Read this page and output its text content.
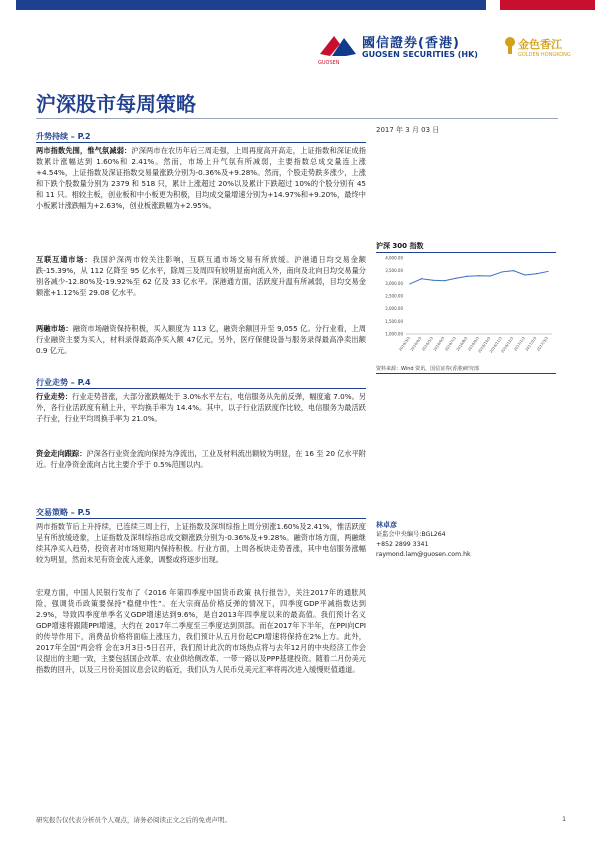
國信證券(香港)
GUOSEN SECURITIES (HK)
GUOSEN
金色香江
GOLDEN HONGKONG
沪深股市每周策略
2017 年 3 月 03 日
升势持续 – P.2

两市指数先围，惟气氛减弱：沪深两市在农历年后三周走强，上周再度高开高走，上证指数和深证成指数累计涨幅达到 1.60%和 2.41%。然而，市场上升气氛有所减弱，主要指数总成交量连上涨+4.54%，上证指数及深证指数交易量涨跌分别为-0.36%及+9.28%。然而，个股走势跌多涨少，上涨和下跌个股数量分别为 2379 和 518 只，累计上涨超过 20%以及累计下跌超过 10%的个股分别有 45 和 11 只。相较主板，创业板和中小板更为积极，目均成交量增速分别为+14.97%和+9.20%，最终中小板累计涨跌幅为+2.63%，创业板涨跌幅为+2.95%。

互联互通市场：我国沪深两市较关注影响，互联互通市场交易有所放缓。沪港通日均交易金额跌-15.39%，从 112 亿降至 95 亿水平，除周三及周四有较明显南向流入外，南向及北向日均交易量分别各减少-12.80%及-19.92%至 62 亿及 33 亿水平。深港通方面，活跃度升温有所减弱，目均交易金额涨+1.12%至 29.08 亿水平。

两融市场：融资市场融资保持积极，买入额度为 113 亿，融资余额回升至 9,055 亿。分行业看，上周行业融资主要为买入，材料录得最高净买入额 47亿元，另外，医疗保健设备与服务录得最高净卖出额 0.9 亿元。

行业走势 – P.4

行业走势：行业走势普涨，大部分涨跌幅处于 3.0%水平左右，电信服务从先前反弹，幅度逾 7.0%。另外，各行业活跃度有稍上升，平均换手率为 14.4%。其中，以子行业活跃度作比较，电信服务为最活跃子行业，行业平均周换手率为 21.0%。

资金走向跟踪：沪深各行业资金流向保持为净流出，工业及材料流出额较为明显，在 16 至 20 亿水平附近。行业净资金流向占比主要介乎于 0.5%范围以内。

交易策略 – P.5

两市指数节后上升持续，已连续三周上行，上证指数及深圳综指上周分别涨1.60%及2.41%，惟活跃度呈有所放缓迹象，上证指数及深圳综指总成交额涨跌分别为-0.36%及+9.28%。融资市场方面，两融继续其净买入趋势，投资者对市场短期内保持积极。行业方面，上周各板块走势普涨，其中电信服务涨幅较为明显，然而未见有资金流入迹象，调整或将逐步出现。

宏观方面，中国人民银行发布了《2016 年第四季度中国货币政策 执行报告》，关注2017年的通胀风险，强调货币政策要保持“稳健中性”。在大宗商品价格反弹的情况下，四季度GDP平减指数达到 2.9%，导致四季度单季名义GDP增速达到9.6%，是自2013年四季度以来的最高值。我们预计名义GDP增速将跟随PPI增速，大约在 2017年二季度至三季度达到顶部。而在2017年下半年，在PPI向CPI的传导作用下，消费品价格将面临上涨压力，我们预计从五月份起CPI增速将保持在2%上方。此外，2017年全国“两会将 会在3月3日-5日召开，我们预计此次的市场热点将与去年12月的中央经济工作会议提出的主题一致，主要包括国企改革、农业供给侧改革、一带一路以及PPP基建投资。随着二月份美元指数的回升，以及三月份美国议息会议的临近，我们认为人民币兑美元汇率将再次进入缓慢贬值通道。

沪深 300 指数
4,000.00
3,500.00
3,000.00
2,500.00
2,000.00
1,500.00
1,000.00
2016/3/3
2016/4/3
2016/5/3
2016/6/3
2016/7/3
2016/8/3
2016/9/3
2016/10/3
2016/11/3
2016/12/3
2017/1/3
2017/2/3
2017/3/3
资料来源：Wind 资讯，国信证券(香港)研究部
林卓彦
证监会中央编号:BGL264
+852 2899 3341
raymond.lam@guosen.com.hk
研究报告仅代表分析员个人观点，请务必阅读正文之后的免责声明。	1
